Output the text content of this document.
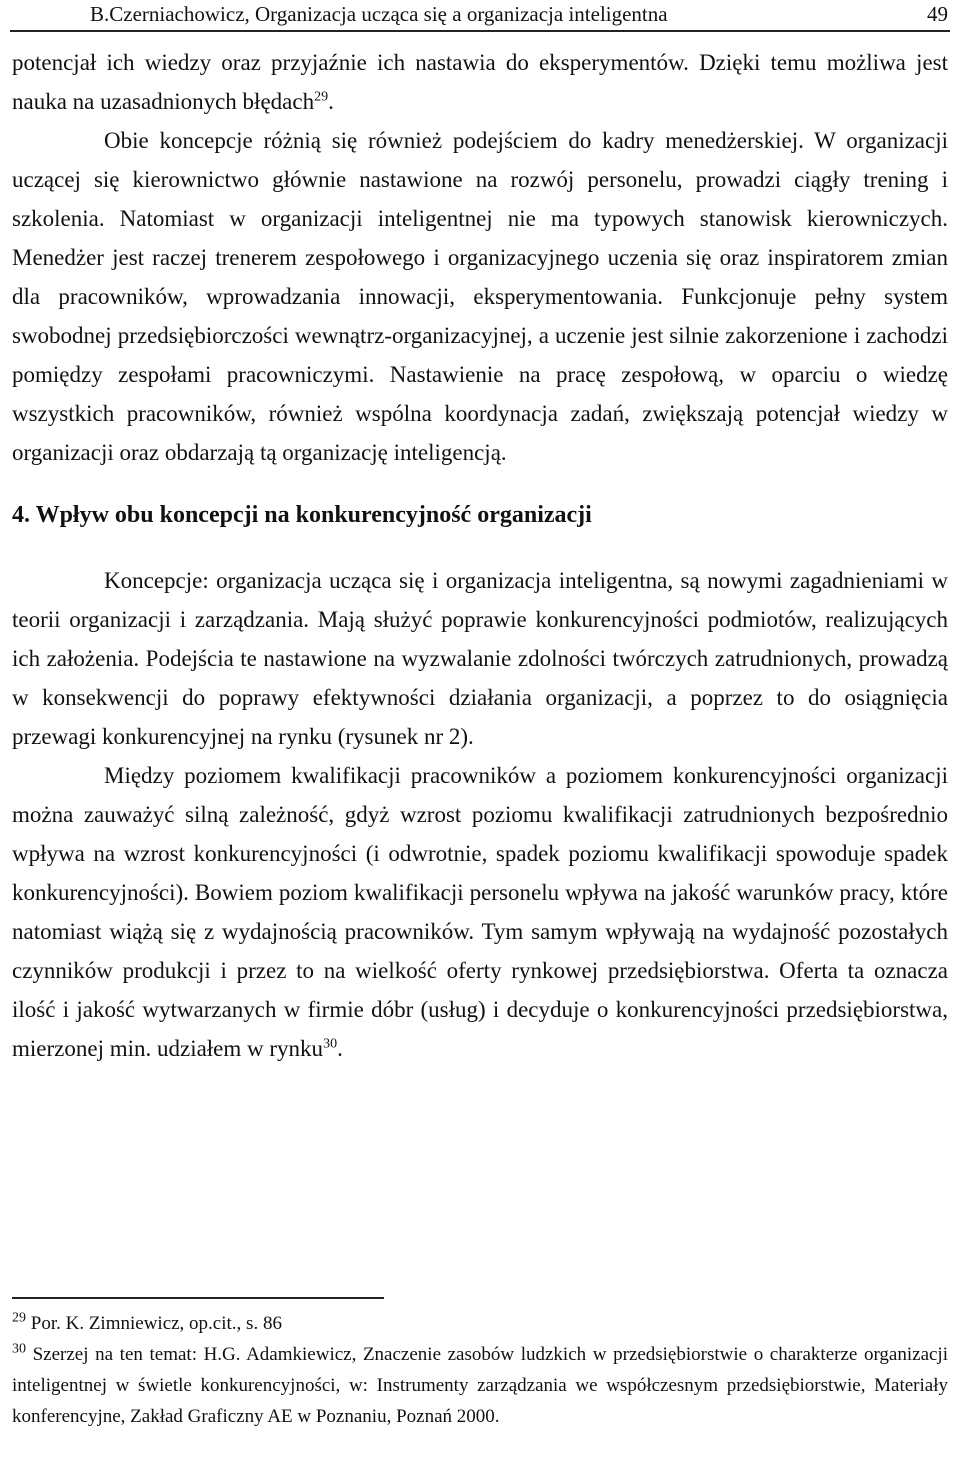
B.Czerniachowicz, Organizacja ucząca się a organizacja inteligentna	49

potencjał ich wiedzy oraz przyjaźnie ich nastawia do eksperymentów. Dzięki temu możliwa jest nauka na uzasadnionych błędach$^{29}$.

Obie koncepcje różnią się również podejściem do kadry menedżerskiej. W organizacji uczącej się kierownictwo głównie nastawione na rozwój personelu, prowadzi ciągły trening i szkolenia. Natomiast w organizacji inteligentnej nie ma typowych stanowisk kierowniczych. Menedżer jest raczej trenerem zespołowego i organizacyjnego uczenia się oraz inspiratorem zmian dla pracowników, wprowadzania innowacji, eksperymentowania. Funkcjonuje pełny system swobodnej przedsiębiorczości wewnątrz-organizacyjnej, a uczenie jest silnie zakorzenione i zachodzi pomiędzy zespołami pracowniczymi. Nastawienie na pracę zespołową, w oparciu o wiedzę wszystkich pracowników, również wspólna koordynacja zadań, zwiększają potencjał wiedzy w organizacji oraz obdarzają tą organizację inteligencją.

4. Wpływ obu koncepcji na konkurencyjność organizacji

Koncepcje: organizacja ucząca się i organizacja inteligentna, są nowymi zagadnieniami w teorii organizacji i zarządzania. Mają służyć poprawie konkurencyjności podmiotów, realizujących ich założenia. Podejścia te nastawione na wyzwalanie zdolności twórczych zatrudnionych, prowadzą w konsekwencji do poprawy efektywności działania organizacji, a poprzez to do osiągnięcia przewagi konkurencyjnej na rynku (rysunek nr 2).

Między poziomem kwalifikacji pracowników a poziomem konkurencyjności organizacji można zauważyć silną zależność, gdyż wzrost poziomu kwalifikacji zatrudnionych bezpośrednio wpływa na wzrost konkurencyjności (i odwrotnie, spadek poziomu kwalifikacji spowoduje spadek konkurencyjności). Bowiem poziom kwalifikacji personelu wpływa na jakość warunków pracy, które natomiast wiążą się z wydajnością pracowników. Tym samym wpływają na wydajność pozostałych czynników produkcji i przez to na wielkość oferty rynkowej przedsiębiorstwa. Oferta ta oznacza ilość i jakość wytwarzanych w firmie dóbr (usług) i decyduje o konkurencyjności przedsiębiorstwa, mierzonej min. udziałem w rynku$^{30}$.

$^{29}$ Por. K. Zimniewicz, op.cit., s. 86

$^{30}$ Szerzej na ten temat: H.G. Adamkiewicz, Znaczenie zasobów ludzkich w przedsiębiorstwie o charakterze organizacji inteligentnej w świetle konkurencyjności, w: Instrumenty zarządzania we współczesnym przedsiębiorstwie, Materiały konferencyjne, Zakład Graficzny AE w Poznaniu, Poznań 2000.
